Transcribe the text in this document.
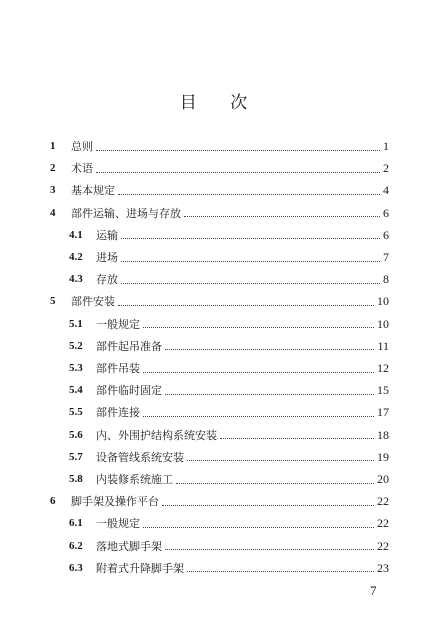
目 次
1 总则	1
2 术语	2
3 基本规定	4
4 部件运输、进场与存放	6
4.1 运输	6
4.2 进场	7
4.3 存放	8
5 部件安装	10
5.1 一般规定	10
5.2 部件起吊准备	11
5.3 部件吊装	12
5.4 部件临时固定	15
5.5 部件连接	17
5.6 内、外围护结构系统安装	18
5.7 设备管线系统安装	19
5.8 内装修系统施工	20
6 脚手架及操作平台	22
6.1 一般规定	22
6.2 落地式脚手架	22
6.3 附着式升降脚手架	23
7
